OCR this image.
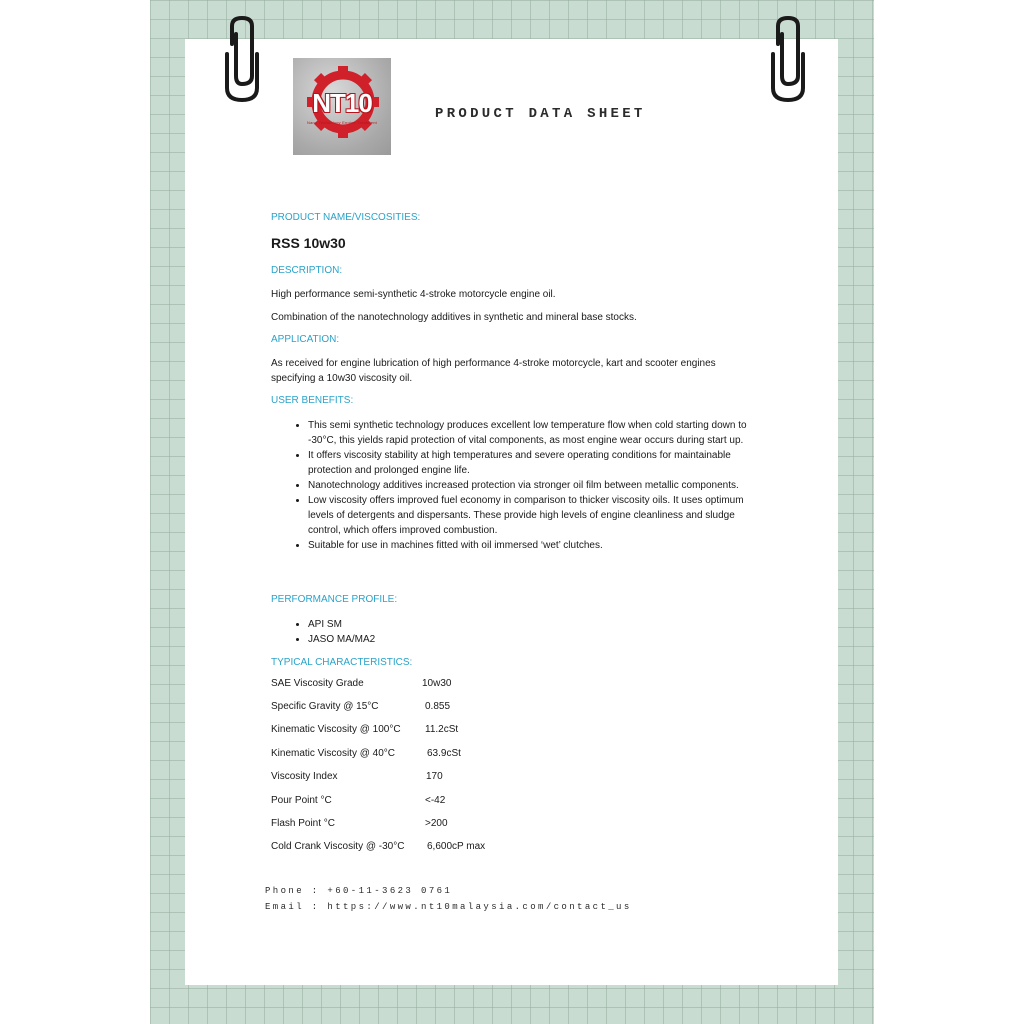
NT10
Nano Technology Engine Treatment
PRODUCT DATA SHEET
PRODUCT NAME/VISCOSITIES:
RSS 10w30
DESCRIPTION:
High performance semi-synthetic 4-stroke motorcycle engine oil.
Combination of the nanotechnology additives in synthetic and mineral base stocks.
APPLICATION:
As received for engine lubrication of high performance 4-stroke motorcycle, kart and scooter engines specifying a 10w30 viscosity oil.
USER BENEFITS:
• This semi synthetic technology produces excellent low temperature flow when cold starting down to -30°C, this yields rapid protection of vital components, as most engine wear occurs during start up.
• It offers viscosity stability at high temperatures and severe operating conditions for maintainable protection and prolonged engine life.
• Nanotechnology additives increased protection via stronger oil film between metallic components.
• Low viscosity offers improved fuel economy in comparison to thicker viscosity oils. It uses optimum levels of detergents and dispersants. These provide high levels of engine cleanliness and sludge control, which offers improved combustion.
• Suitable for use in machines fitted with oil immersed ‘wet’ clutches.
PERFORMANCE PROFILE:
• API SM
• JASO MA/MA2
TYPICAL CHARACTERISTICS:
SAE Viscosity Grade	10w30
Specific Gravity @ 15°C	0.855
Kinematic Viscosity @ 100°C 11.2cSt
Kinematic Viscosity @ 40°C	63.9cSt
Viscosity Index	170
Pour Point °C	<-42
Flash Point °C	>200
Cold Crank Viscosity @ -30°C 6,600cP max
Phone : +60-11-3623 0761
Email : https://www.nt10malaysia.com/contact_us
